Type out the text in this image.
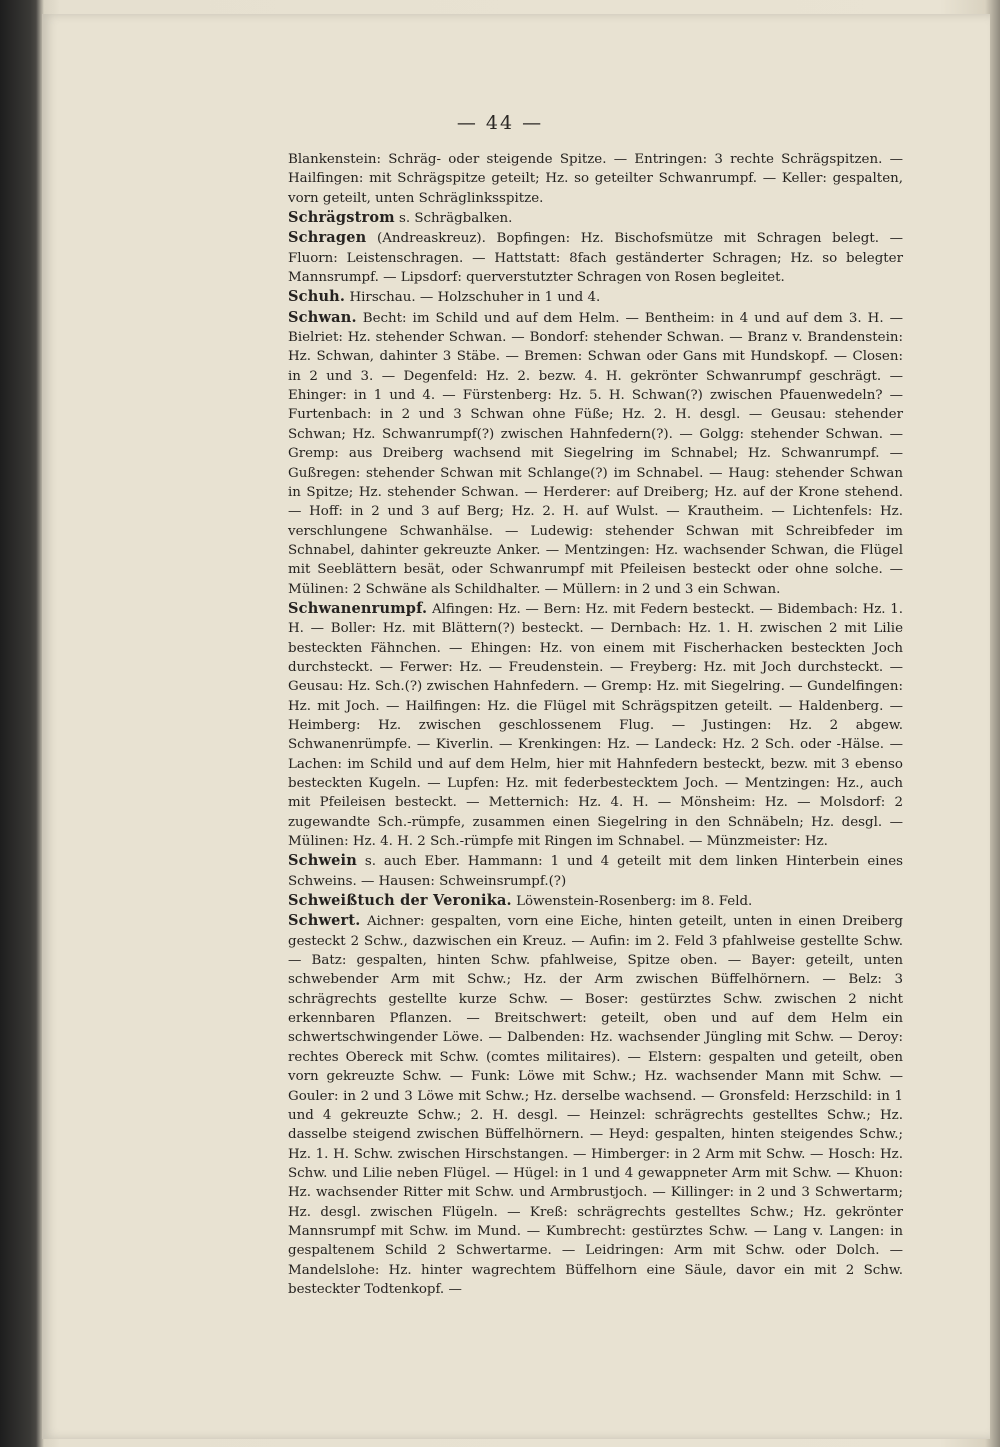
— 44 —

Blankenstein: Schräg- oder steigende Spitze. — Entringen: 3 rechte Schrägspitzen. — Hailfingen: mit Schrägspitze geteilt; Hz. so geteilter Schwanrumpf. — Keller: gespalten, vorn geteilt, unten Schräglinksspitze.

Schrägstrom s. Schrägbalken.

Schragen (Andreaskreuz). Bopfingen: Hz. Bischofsmütze mit Schragen belegt. — Fluorn: Leistenschragen. — Hattstatt: 8fach geständerter Schragen; Hz. so belegter Mannsrumpf. — Lipsdorf: querverstutzter Schragen von Rosen begleitet.

Schuh. Hirschau. — Holzschuher in 1 und 4.

Schwan. Becht: im Schild und auf dem Helm. — Bentheim: in 4 und auf dem 3. H. — Bielriet: Hz. stehender Schwan. — Bondorf: stehender Schwan. — Branz v. Brandenstein: Hz. Schwan, dahinter 3 Stäbe. — Bremen: Schwan oder Gans mit Hundskopf. — Closen: in 2 und 3. — Degenfeld: Hz. 2. bezw. 4. H. gekrönter Schwanrumpf geschrägt. — Ehinger: in 1 und 4. — Fürstenberg: Hz. 5. H. Schwan(?) zwischen Pfauenwedeln? — Furtenbach: in 2 und 3 Schwan ohne Füße; Hz. 2. H. desgl. — Geusau: stehender Schwan; Hz. Schwanrumpf(?) zwischen Hahnfedern(?). — Golgg: stehender Schwan. — Gremp: aus Dreiberg wachsend mit Siegelring im Schnabel; Hz. Schwanrumpf. — Gußregen: stehender Schwan mit Schlange(?) im Schnabel. — Haug: stehender Schwan in Spitze; Hz. stehender Schwan. — Herderer: auf Dreiberg; Hz. auf der Krone stehend. — Hoff: in 2 und 3 auf Berg; Hz. 2. H. auf Wulst. — Krautheim. — Lichtenfels: Hz. verschlungene Schwanhälse. — Ludewig: stehender Schwan mit Schreibfeder im Schnabel, dahinter gekreuzte Anker. — Mentzingen: Hz. wachsender Schwan, die Flügel mit Seeblättern besät, oder Schwanrumpf mit Pfeileisen besteckt oder ohne solche. — Mülinen: 2 Schwäne als Schildhalter. — Müllern: in 2 und 3 ein Schwan.

Schwanenrumpf. Alfingen: Hz. — Bern: Hz. mit Federn besteckt. — Bidembach: Hz. 1. H. — Boller: Hz. mit Blättern(?) besteckt. — Dernbach: Hz. 1. H. zwischen 2 mit Lilie besteckten Fähnchen. — Ehingen: Hz. von einem mit Fischerhacken besteckten Joch durchsteckt. — Ferwer: Hz. — Freudenstein. — Freyberg: Hz. mit Joch durchsteckt. — Geusau: Hz. Sch.(?) zwischen Hahnfedern. — Gremp: Hz. mit Siegelring. — Gundelfingen: Hz. mit Joch. — Hailfingen: Hz. die Flügel mit Schrägspitzen geteilt. — Haldenberg. — Heimberg: Hz. zwischen geschlossenem Flug. — Justingen: Hz. 2 abgew. Schwanenrümpfe. — Kiverlin. — Krenkingen: Hz. — Landeck: Hz. 2 Sch. oder -Hälse. — Lachen: im Schild und auf dem Helm, hier mit Hahnfedern besteckt, bezw. mit 3 ebenso besteckten Kugeln. — Lupfen: Hz. mit federbestecktem Joch. — Mentzingen: Hz., auch mit Pfeileisen besteckt. — Metternich: Hz. 4. H. — Mönsheim: Hz. — Molsdorf: 2 zugewandte Sch.-rümpfe, zusammen einen Siegelring in den Schnäbeln; Hz. desgl. — Mülinen: Hz. 4. H. 2 Sch.-rümpfe mit Ringen im Schnabel. — Münzmeister: Hz.

Schwein s. auch Eber. Hammann: 1 und 4 geteilt mit dem linken Hinterbein eines Schweins. — Hausen: Schweinsrumpf.(?)

Schweißtuch der Veronika. Löwenstein-Rosenberg: im 8. Feld.

Schwert. Aichner: gespalten, vorn eine Eiche, hinten geteilt, unten in einen Dreiberg gesteckt 2 Schw., dazwischen ein Kreuz. — Aufin: im 2. Feld 3 pfahlweise gestellte Schw. — Batz: gespalten, hinten Schw. pfahlweise, Spitze oben. — Bayer: geteilt, unten schwebender Arm mit Schw.; Hz. der Arm zwischen Büffelhörnern. — Belz: 3 schrägrechts gestellte kurze Schw. — Boser: gestürztes Schw. zwischen 2 nicht erkennbaren Pflanzen. — Breitschwert: geteilt, oben und auf dem Helm ein schwertschwingender Löwe. — Dalbenden: Hz. wachsender Jüngling mit Schw. — Deroy: rechtes Obereck mit Schw. (comtes militaires). — Elstern: gespalten und geteilt, oben vorn gekreuzte Schw. — Funk: Löwe mit Schw.; Hz. wachsender Mann mit Schw. — Gouler: in 2 und 3 Löwe mit Schw.; Hz. derselbe wachsend. — Gronsfeld: Herzschild: in 1 und 4 gekreuzte Schw.; 2. H. desgl. — Heinzel: schrägrechts gestelltes Schw.; Hz. dasselbe steigend zwischen Büffelhörnern. — Heyd: gespalten, hinten steigendes Schw.; Hz. 1. H. Schw. zwischen Hirschstangen. — Himberger: in 2 Arm mit Schw. — Hosch: Hz. Schw. und Lilie neben Flügel. — Hügel: in 1 und 4 gewappneter Arm mit Schw. — Khuon: Hz. wachsender Ritter mit Schw. und Armbrustjoch. — Killinger: in 2 und 3 Schwertarm; Hz. desgl. zwischen Flügeln. — Kreß: schrägrechts gestelltes Schw.; Hz. gekrönter Mannsrumpf mit Schw. im Mund. — Kumbrecht: gestürztes Schw. — Lang v. Langen: in gespaltenem Schild 2 Schwertarme. — Leidringen: Arm mit Schw. oder Dolch. — Mandelslohe: Hz. hinter wagrechtem Büffelhorn eine Säule, davor ein mit 2 Schw. besteckter Todtenkopf. —
